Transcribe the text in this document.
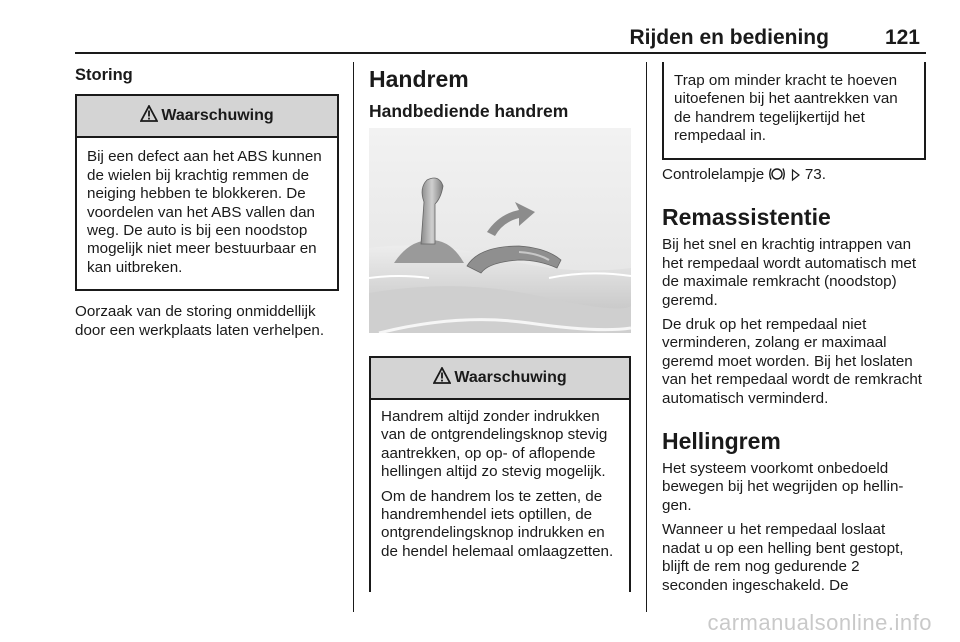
Rijden en bediening	121
Storing
Waarschuwing

Bij een defect aan het ABS kunnen de wielen bij krachtig remmen de neiging hebben te blokkeren. De voordelen van het ABS vallen dan weg. De auto is bij een noodstop mogelijk niet meer bestuurbaar en kan uitbreken.

Oorzaak van de storing onmiddellijk door een werkplaats laten verhelpen.

Handrem
Handbediende handrem
Waarschuwing

Handrem altijd zonder indrukken van de ontgrendelingsknop stevig aantrekken, op op- of aflopende hellingen altijd zo stevig mogelijk.

Om de handrem los te zetten, de handremhendel iets optillen, de ontgrendelingsknop indrukken en de hendel helemaal omlaagzetten.

Trap om minder kracht te hoeven uitoefenen bij het aantrekken van de handrem tegelijkertijd het rempedaal in.

Controlelampje	73.

Remassistentie

Bij het snel en krachtig intrappen van het rempedaal wordt automatisch met de maximale remkracht (noodstop) geremd.

De druk op het rempedaal niet verminderen, zolang er maximaal geremd moet worden. Bij het loslaten van het rempedaal wordt de remkracht automatisch verminderd.

Hellingrem

Het systeem voorkomt onbedoeld bewegen bij het wegrijden op hellingen.

Wanneer u het rempedaal loslaat nadat u op een helling bent gestopt, blijft de rem nog gedurende 2 seconden ingeschakeld. De

carmanualsonline.info
